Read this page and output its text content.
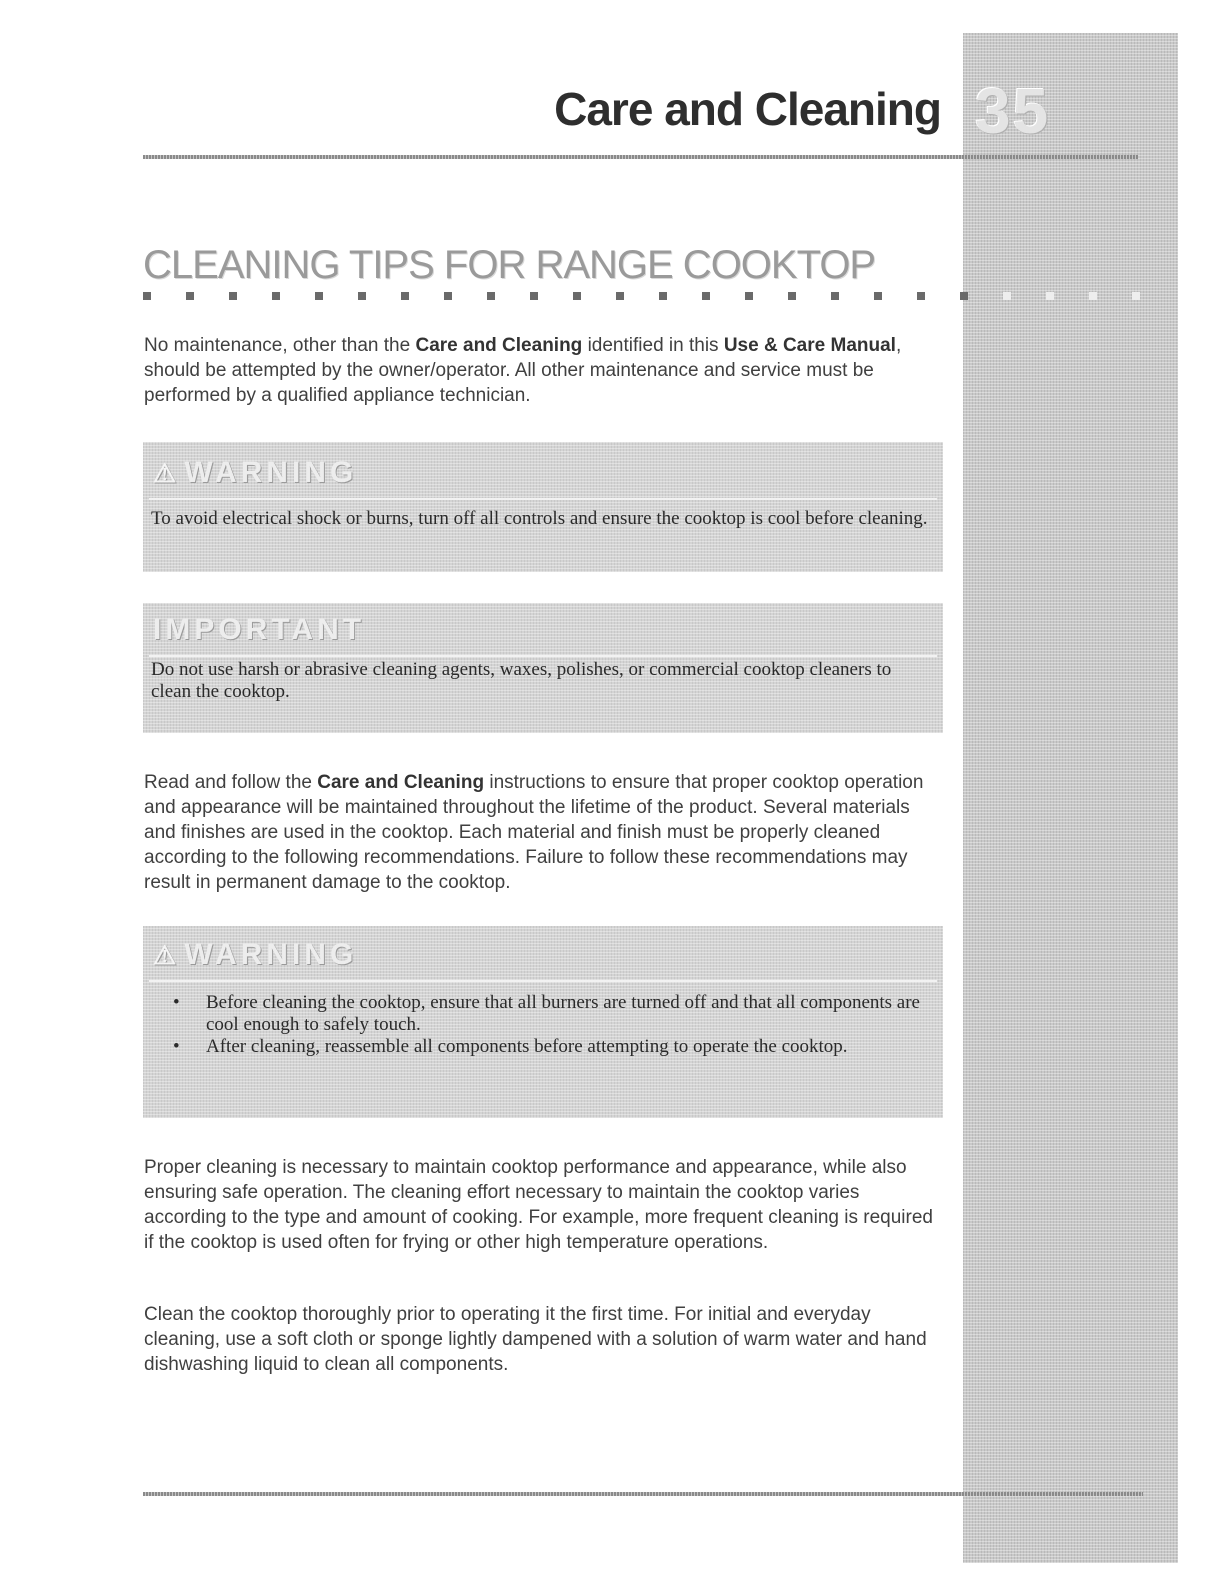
35
Care and Cleaning
CLEANING TIPS FOR RANGE COOKTOP

No maintenance, other than the Care and Cleaning identified in this Use & Care Manual, should be attempted by the owner/operator. All other maintenance and service must be performed by a qualified appliance technician.

⚠ WARNING
To avoid electrical shock or burns, turn off all controls and ensure the cooktop is cool before cleaning.
IMPORTANT
Do not use harsh or abrasive cleaning agents, waxes, polishes, or commercial cooktop cleaners to clean the cooktop.

Read and follow the Care and Cleaning instructions to ensure that proper cooktop operation and appearance will be maintained throughout the lifetime of the product. Several materials and finishes are used in the cooktop. Each material and finish must be properly cleaned according to the following recommendations. Failure to follow these recommendations may result in permanent damage to the cooktop.

⚠ WARNING
• Before cleaning the cooktop, ensure that all burners are turned off and that all components are cool enough to safely touch.
• After cleaning, reassemble all components before attempting to operate the cooktop.

Proper cleaning is necessary to maintain cooktop performance and appearance, while also ensuring safe operation. The cleaning effort necessary to maintain the cooktop varies according to the type and amount of cooking. For example, more frequent cleaning is required if the cooktop is used often for frying or other high temperature operations.

Clean the cooktop thoroughly prior to operating it the first time. For initial and everyday cleaning, use a soft cloth or sponge lightly dampened with a solution of warm water and hand dishwashing liquid to clean all components.
